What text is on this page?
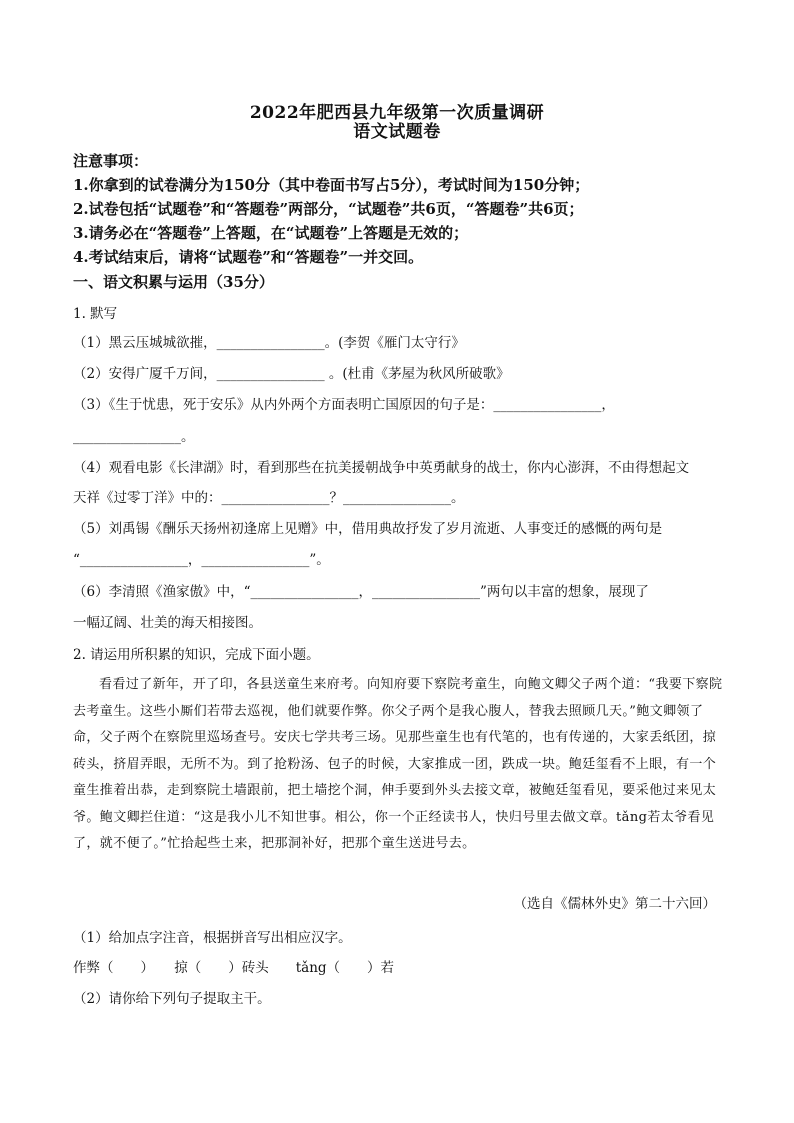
2022年肥西县九年级第一次质量调研
语文试题卷
注意事项：
1.你拿到的试卷满分为150分（其中卷面书写占5分），考试时间为150分钟；
2.试卷包括“试题卷”和“答题卷”两部分，“试题卷”共6页，“答题卷”共6页；
3.请务必在“答题卷”上答题，在“试题卷”上答题是无效的；
4.考试结束后，请将“试题卷”和“答题卷”一并交回。
一、语文积累与运用（35分）
1. 默写
（1）黑云压城城欲摧，________________。(李贺《雁门太守行》
（2）安得广厦千万间，________________ 。(杜甫《茅屋为秋风所破歌》
（3）《生于忧患，死于安乐》从内外两个方面表明亡国原因的句子是：________________，
________________。
（4）观看电影《长津湖》时，看到那些在抗美援朝战争中英勇献身的战士，你内心澎湃，不由得想起文
天祥《过零丁洋》中的：________________？________________。
（5）刘禹锡《酬乐天扬州初逢席上见赠》中，借用典故抒发了岁月流逝、人事变迁的感慨的两句是
“________________，________________”。
（6）李清照《渔家傲》中，“________________，________________”两句以丰富的想象，展现了
一幅辽阔、壮美的海天相接图。
2. 请运用所积累的知识，完成下面小题。
看看过了新年，开了印，各县送童生来府考。向知府要下察院考童生，向鲍文卿父子两个道：“我要下察院去考童生。这些小厮们若带去巡视，他们就要作弊。你父子两个是我心腹人，替我去照顾几天。”鲍文卿领了命，父子两个在察院里巡场查号。安庆七学共考三场。见那些童生也有代笔的，也有传递的，大家丢纸团，掠砖头，挤眉弄眼，无所不为。到了抢粉汤、包子的时候，大家推成一团，跌成一块。鲍廷玺看不上眼，有一个童生推着出恭，走到察院土墙跟前，把土墙挖个洞，伸手要到外头去接文章，被鲍廷玺看见，要采他过来见太爷。鲍文卿拦住道：“这是我小儿不知世事。相公，你一个正经读书人，快归号里去做文章。tǎng若太爷看见了，就不便了。”忙拾起些土来，把那洞补好，把那个童生送进号去。
（选自《儒林外史》第二十六回）
（1）给加点字注音，根据拼音写出相应汉字。
作弊（　　）　　掠（　　）砖头　　tǎng（　　）若
（2）请你给下列句子提取主干。
